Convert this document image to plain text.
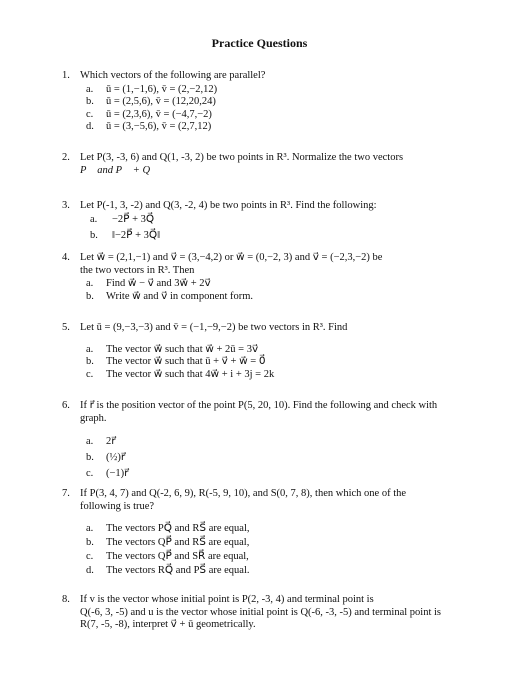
Practice Questions
1. Which vectors of the following are parallel?
a. ū = (1,−1,6), v̄ = (2,−2,12)
b. ū = (2,5,6), v̄ = (12,20,24)
c. ū = (2,3,6), v̄ = (−4,7,−2)
d. ū = (3,−5,6), v̄ = (2,7,12)
2. Let P(3, -3, 6) and Q(1, -3, 2) be two points in R³. Normalize the two vectors
P⃗ and P⃗ + Q⃗
3. Let P(-1, 3, -2) and Q(3, -2, 4) be two points in R³. Find the following:
a. −2P⃗ + 3Q⃗
b. ‖−2P⃗ + 3Q⃗‖
4. Let w⃗ = (2,1,−1) and v⃗ = (3,−4,2) or w⃗ = (0,−2, 3) and v⃗ = (−2,3,−2) be
the two vectors in R³. Then
a. Find w⃗ − v⃗ and 3w⃗ + 2v⃗
b. Write w⃗ and v⃗ in component form.
5. Let ū = (9,−3,−3) and v̄ = (−1,−9,−2) be two vectors in R³. Find
a. The vector w⃗ such that w⃗ + 2ū = 3v⃗
b. The vector w⃗ such that ū + v⃗ + w⃗ = 0⃗
c. The vector w⃗ such that 4w⃗ + i + 3j = 2k
6. If r⃗ is the position vector of the point P(5, 20, 10). Find the following and check with
graph.
a. 2r⃗
b. (½)r⃗
c. (−1)r⃗
7. If P(3, 4, 7) and Q(-2, 6, 9), R(-5, 9, 10), and S(0, 7, 8), then which one of the
following is true?
a. The vectors PQ⃗ and RS⃗ are equal,
b. The vectors QP⃗ and RS⃗ are equal,
c. The vectors QP⃗ and SR⃗ are equal,
d. The vectors RQ⃗ and PS⃗ are equal.
8. If v is the vector whose initial point is P(2, -3, 4) and terminal point is
Q(-6, 3, -5) and u is the vector whose initial point is Q(-6, -3, -5) and terminal point is
R(7, -5, -8), interpret v⃗ + ū geometrically.
